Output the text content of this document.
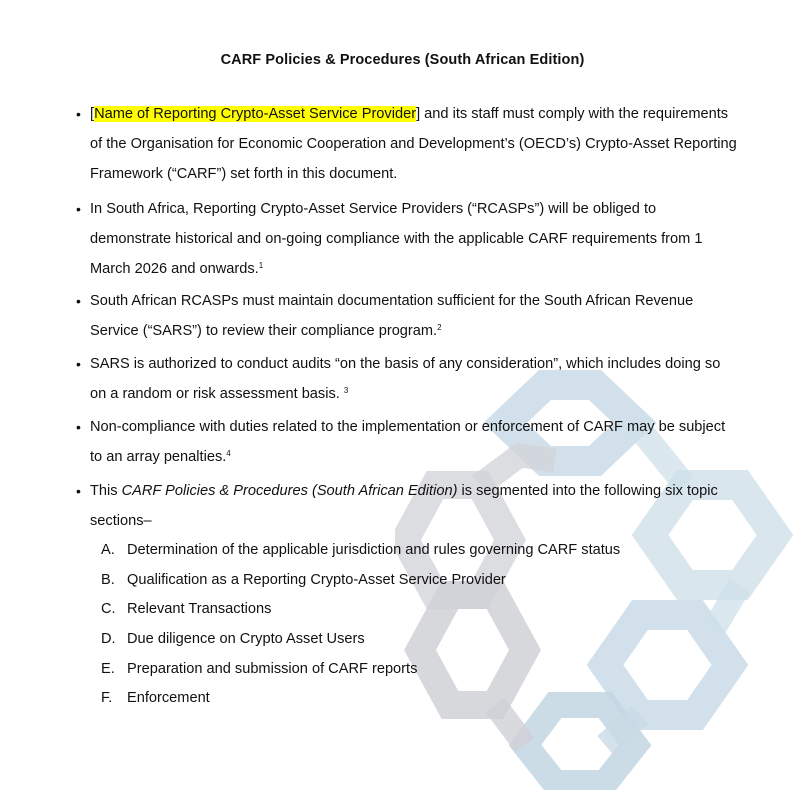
CARF Policies & Procedures (South African Edition)
• [Name of Reporting Crypto-Asset Service Provider] and its staff must comply with the requirements of the Organisation for Economic Cooperation and Development’s (OECD’s) Crypto-Asset Reporting Framework (“CARF”) set forth in this document.
• In South Africa, Reporting Crypto-Asset Service Providers (“RCASPs”) will be obliged to demonstrate historical and on-going compliance with the applicable CARF requirements from 1 March 2026 and onwards.$^1$
• South African RCASPs must maintain documentation sufficient for the South African Revenue Service (“SARS”) to review their compliance program.$^2$
• SARS is authorized to conduct audits “on the basis of any consideration”, which includes doing so on a random or risk assessment basis. $^3$
• Non-compliance with duties related to the implementation or enforcement of CARF may be subject to an array penalties.$^4$
• This CARF Policies & Procedures (South African Edition) is segmented into the following six topic sections–
A. Determination of the applicable jurisdiction and rules governing CARF status
B. Qualification as a Reporting Crypto-Asset Service Provider
C. Relevant Transactions
D. Due diligence on Crypto Asset Users
E. Preparation and submission of CARF reports
F.	Enforcement
